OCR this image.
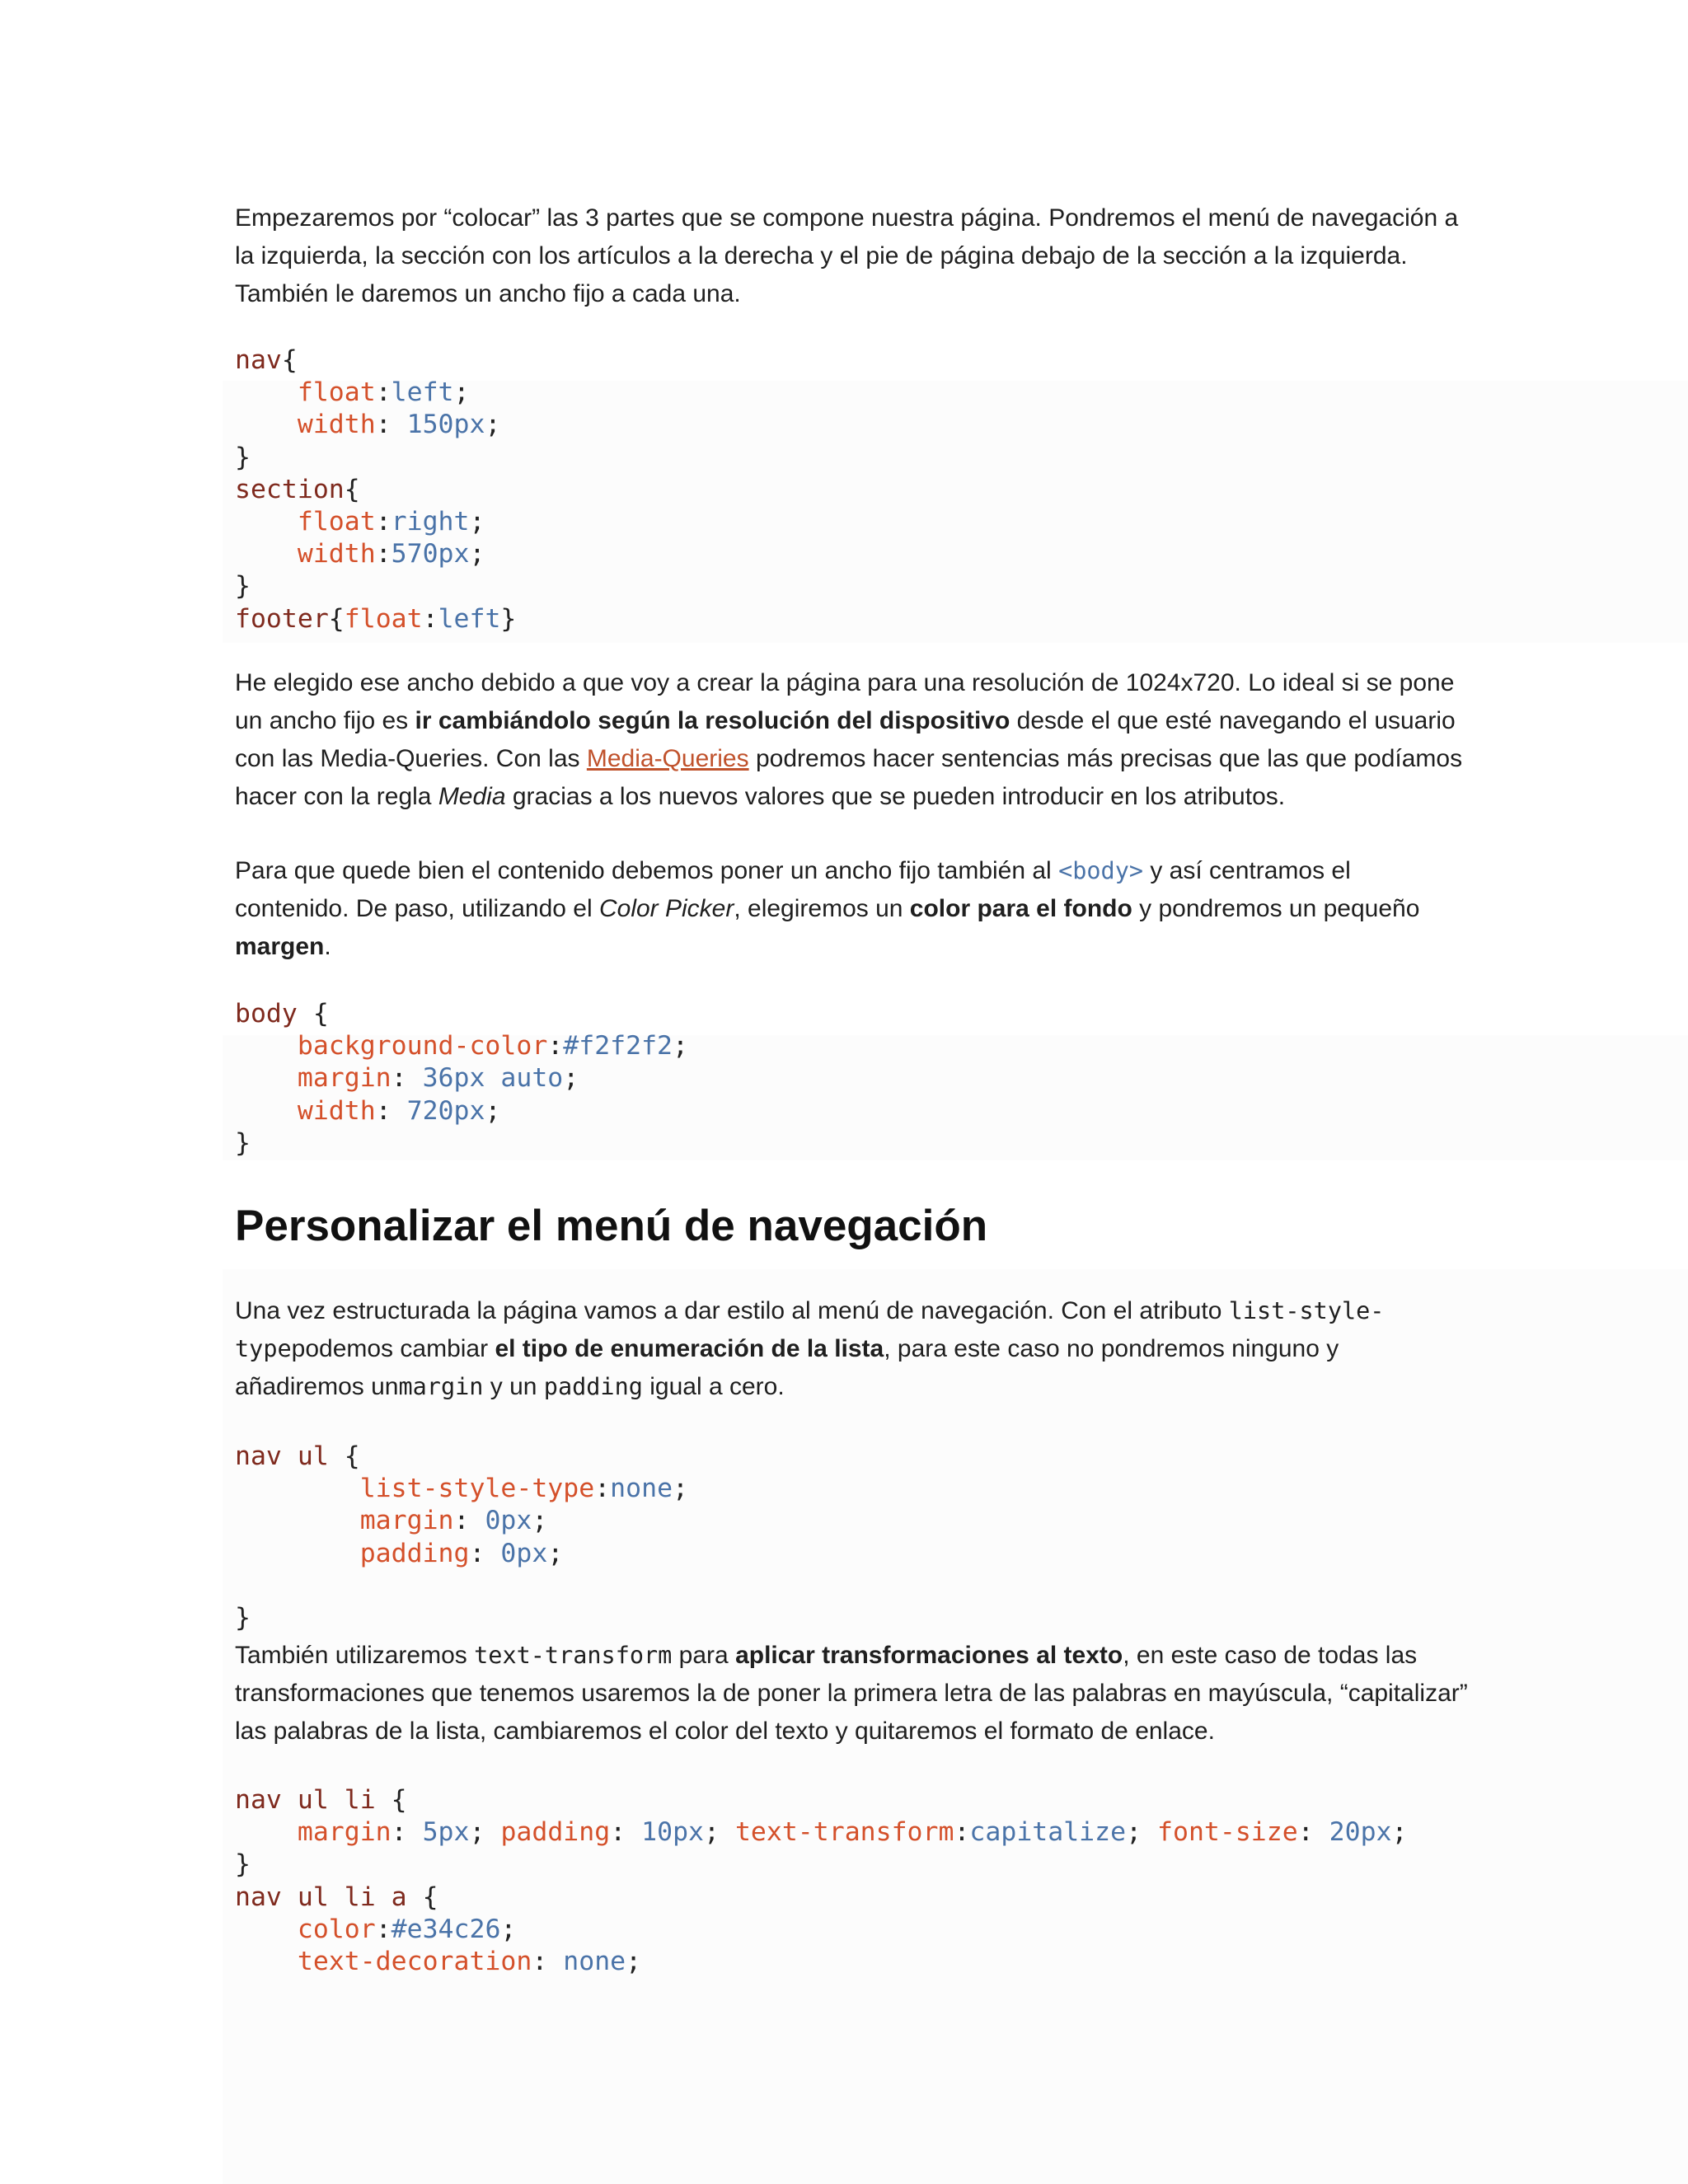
Empezaremos por “colocar” las 3 partes que se compone nuestra página. Pondremos el menú de navegación a la izquierda, la sección con los artículos a la derecha y el pie de página debajo de la sección a la izquierda. También le daremos un ancho fijo a cada una.

nav{
float:left;
width: 150px;
}
section{
float:right;
width:570px;
}
footer{float:left}

He elegido ese ancho debido a que voy a crear la página para una resolución de 1024x720. Lo ideal si se pone un ancho fijo es ir cambiándolo según la resolución del dispositivo desde el que esté navegando el usuario con las Media-Queries. Con las Media-Queries podremos hacer sentencias más precisas que las que podíamos hacer con la regla Media gracias a los nuevos valores que se pueden introducir en los atributos.

Para que quede bien el contenido debemos poner un ancho fijo también al <body> y así centramos el contenido. De paso, utilizando el Color Picker, elegiremos un color para el fondo y pondremos un pequeño margen.

body {
background-color:#f2f2f2;
margin: 36px auto;
width: 720px;
}
Personalizar el menú de navegación

Una vez estructurada la página vamos a dar estilo al menú de navegación. Con el atributo list-style-typepodemos cambiar el tipo de enumeración de la lista, para este caso no pondremos ninguno y añadiremos unmargin y un padding igual a cero.

nav ul {
list-style-type:none;
margin: 0px;
padding: 0px;

}

También utilizaremos text-transform para aplicar transformaciones al texto, en este caso de todas las transformaciones que tenemos usaremos la de poner la primera letra de las palabras en mayúscula, “capitalizar” las palabras de la lista, cambiaremos el color del texto y quitaremos el formato de enlace.

nav ul li {
margin: 5px; padding: 10px; text-transform:capitalize; font-size: 20px;
}
nav ul li a {
color:#e34c26;
text-decoration: none;
